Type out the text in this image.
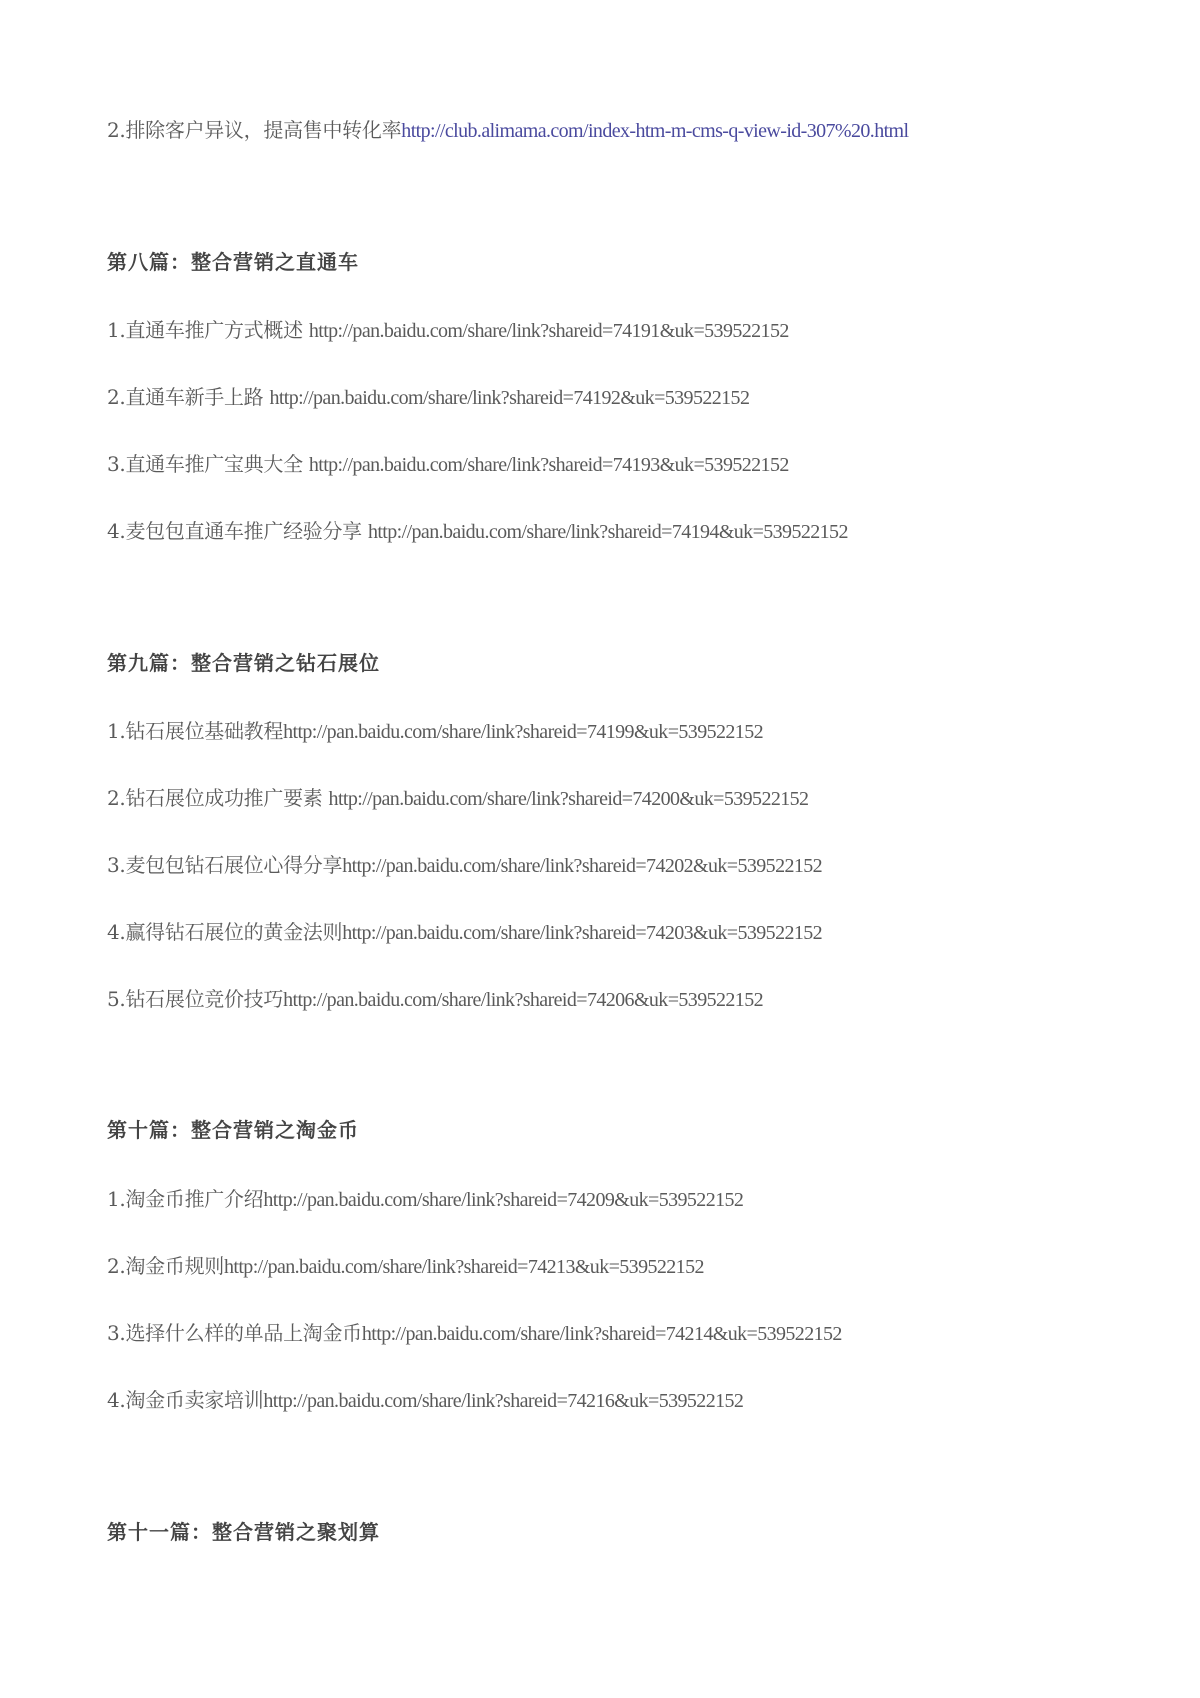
2.排除客户异议，提高售中转化率http://club.alimama.com/index-htm-m-cms-q-view-id-307%20.html
第八篇：整合营销之直通车
1.直通车推广方式概述 http://pan.baidu.com/share/link?shareid=74191&uk=539522152
2.直通车新手上路 http://pan.baidu.com/share/link?shareid=74192&uk=539522152
3.直通车推广宝典大全 http://pan.baidu.com/share/link?shareid=74193&uk=539522152
4.麦包包直通车推广经验分享 http://pan.baidu.com/share/link?shareid=74194&uk=539522152
第九篇：整合营销之钻石展位
1.钻石展位基础教程http://pan.baidu.com/share/link?shareid=74199&uk=539522152
2.钻石展位成功推广要素 http://pan.baidu.com/share/link?shareid=74200&uk=539522152
3.麦包包钻石展位心得分享http://pan.baidu.com/share/link?shareid=74202&uk=539522152
4.赢得钻石展位的黄金法则http://pan.baidu.com/share/link?shareid=74203&uk=539522152
5.钻石展位竞价技巧http://pan.baidu.com/share/link?shareid=74206&uk=539522152
第十篇：整合营销之淘金币
1.淘金币推广介绍http://pan.baidu.com/share/link?shareid=74209&uk=539522152
2.淘金币规则http://pan.baidu.com/share/link?shareid=74213&uk=539522152
3.选择什么样的单品上淘金币http://pan.baidu.com/share/link?shareid=74214&uk=539522152
4.淘金币卖家培训http://pan.baidu.com/share/link?shareid=74216&uk=539522152
第十一篇：整合营销之聚划算
